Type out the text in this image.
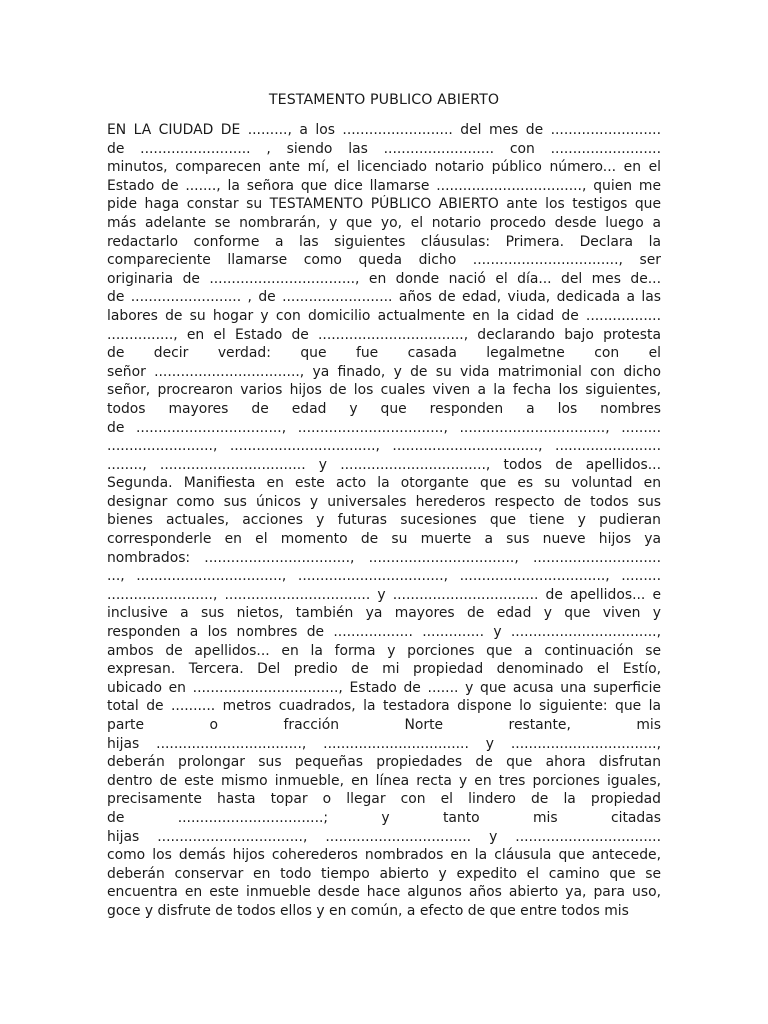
TESTAMENTO PUBLICO ABIERTO
EN LA CIUDAD DE ........., a los ......................... del mes de .........................
de ......................... , siendo las ......................... con .........................
minutos, comparecen ante mí, el licenciado notario público número... en el
Estado de ......., la señora que dice llamarse ................................., quien me
pide haga constar su TESTAMENTO PÚBLICO ABIERTO ante los testigos que
más adelante se nombrarán, y que yo, el notario procedo desde luego a
redactarlo conforme a las siguientes cláusulas: Primera. Declara la
compareciente llamarse como queda dicho ................................., ser
originaria de ................................., en donde nació el día... del mes de...
de ......................... , de ......................... años de edad, viuda, dedicada a las
labores de su hogar y con domicilio actualmente en la cidad de .................
..............., en el Estado de ................................., declarando bajo protesta
de decir verdad: que fue casada legalmetne con el
señor ................................., ya finado, y de su vida matrimonial con dicho
señor, procrearon varios hijos de los cuales viven a la fecha los siguientes,
todos mayores de edad y que responden a los nombres
de ................................., ................................., ................................., .........
........................, ................................., ................................., ........................
........, ................................. y ................................., todos de apellidos...
Segunda. Manifiesta en este acto la otorgante que es su voluntad en
designar como sus únicos y universales herederos respecto de todos sus
bienes actuales, acciones y futuras sucesiones que tiene y pudieran
corresponderle en el momento de su muerte a sus nueve hijos ya
nombrados: ................................., ................................., .............................
..., ................................., ................................., ................................., .........
........................, ................................. y ................................. de apellidos... e
inclusive a sus nietos, también ya mayores de edad y que viven y
responden a los nombres de .................. .............. y .................................,
ambos de apellidos... en la forma y porciones que a continuación se
expresan. Tercera. Del predio de mi propiedad denominado el Estío,
ubicado en ................................., Estado de ....... y que acusa una superficie
total de .......... metros cuadrados, la testadora dispone lo siguiente: que la
parte o fracción Norte restante, mis
hijas ................................., ................................. y .................................,
deberán prolongar sus pequeñas propiedades de que ahora disfrutan
dentro de este mismo inmueble, en línea recta y en tres porciones iguales,
precisamente hasta topar o llegar con el lindero de la propiedad
de .................................; y tanto mis citadas
hijas ................................., ................................. y .................................
como los demás hijos coherederos nombrados en la cláusula que antecede,
deberán conservar en todo tiempo abierto y expedito el camino que se
encuentra en este inmueble desde hace algunos años abierto ya, para uso,
goce y disfrute de todos ellos y en común, a efecto de que entre todos mis
